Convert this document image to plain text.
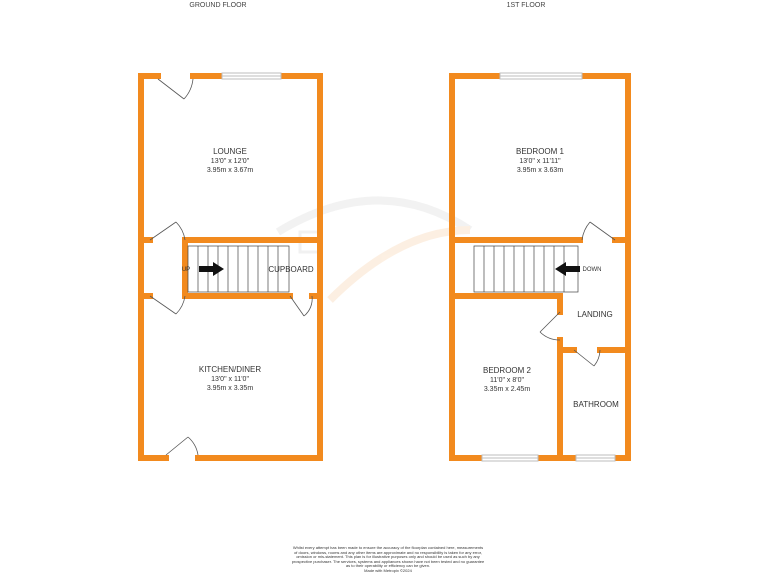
GROUND FLOOR
UP	CUPBOARD
LOUNGE
13'0" x 12'0"
3.95m x 3.67m
KITCHEN/DINER
13'0" x 11'0"
3.95m x 3.35m
1ST FLOOR
DOWN
BEDROOM 1
13'0" x 11'11"
3.95m x 3.63m
LANDING
BEDROOM 2
11'0" x 8'0"
3.35m x 2.45m
BATHROOM
Whilst every attempt has been made to ensure the accuracy of the floorplan contained here, measurements
of doors, windows, rooms and any other items are approximate and no responsibility is taken for any error,
omission or mis-statement. This plan is for illustrative purposes only and should be used as such by any
prospective purchaser. The services, systems and appliances shown have not been tested and no guarantee
as to their operability or efficiency can be given.
Made with Metropix ©2024
